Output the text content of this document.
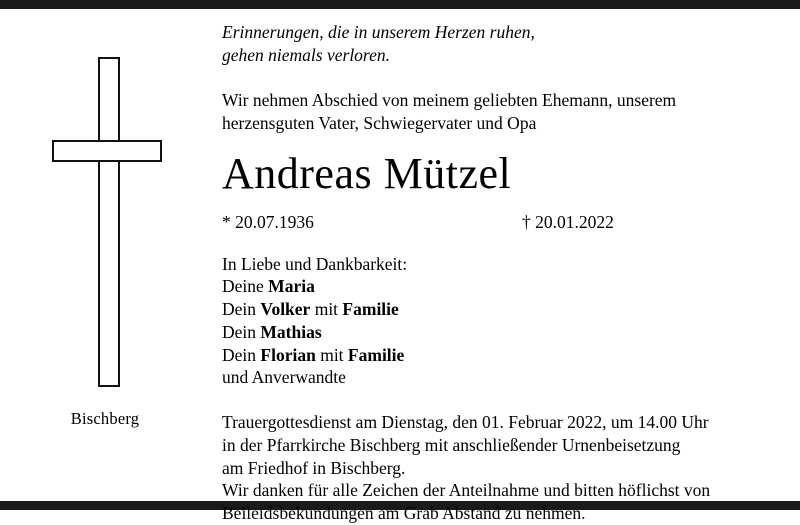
Bischberg
Erinnerungen, die in unserem Herzen ruhen,
gehen niemals verloren.
Wir nehmen Abschied von meinem geliebten Ehemann, unserem
herzensguten Vater, Schwiegervater und Opa
Andreas Mützel
* 20.07.1936	† 20.01.2022
In Liebe und Dankbarkeit:
Deine Maria
Dein Volker mit Familie
Dein Mathias
Dein Florian mit Familie
und Anverwandte
Trauergottesdienst am Dienstag, den 01. Februar 2022, um 14.00 Uhr
in der Pfarrkirche Bischberg mit anschließender Urnenbeisetzung
am Friedhof in Bischberg.
Wir danken für alle Zeichen der Anteilnahme und bitten höflichst von
Beileidsbekundungen am Grab Abstand zu nehmen.
